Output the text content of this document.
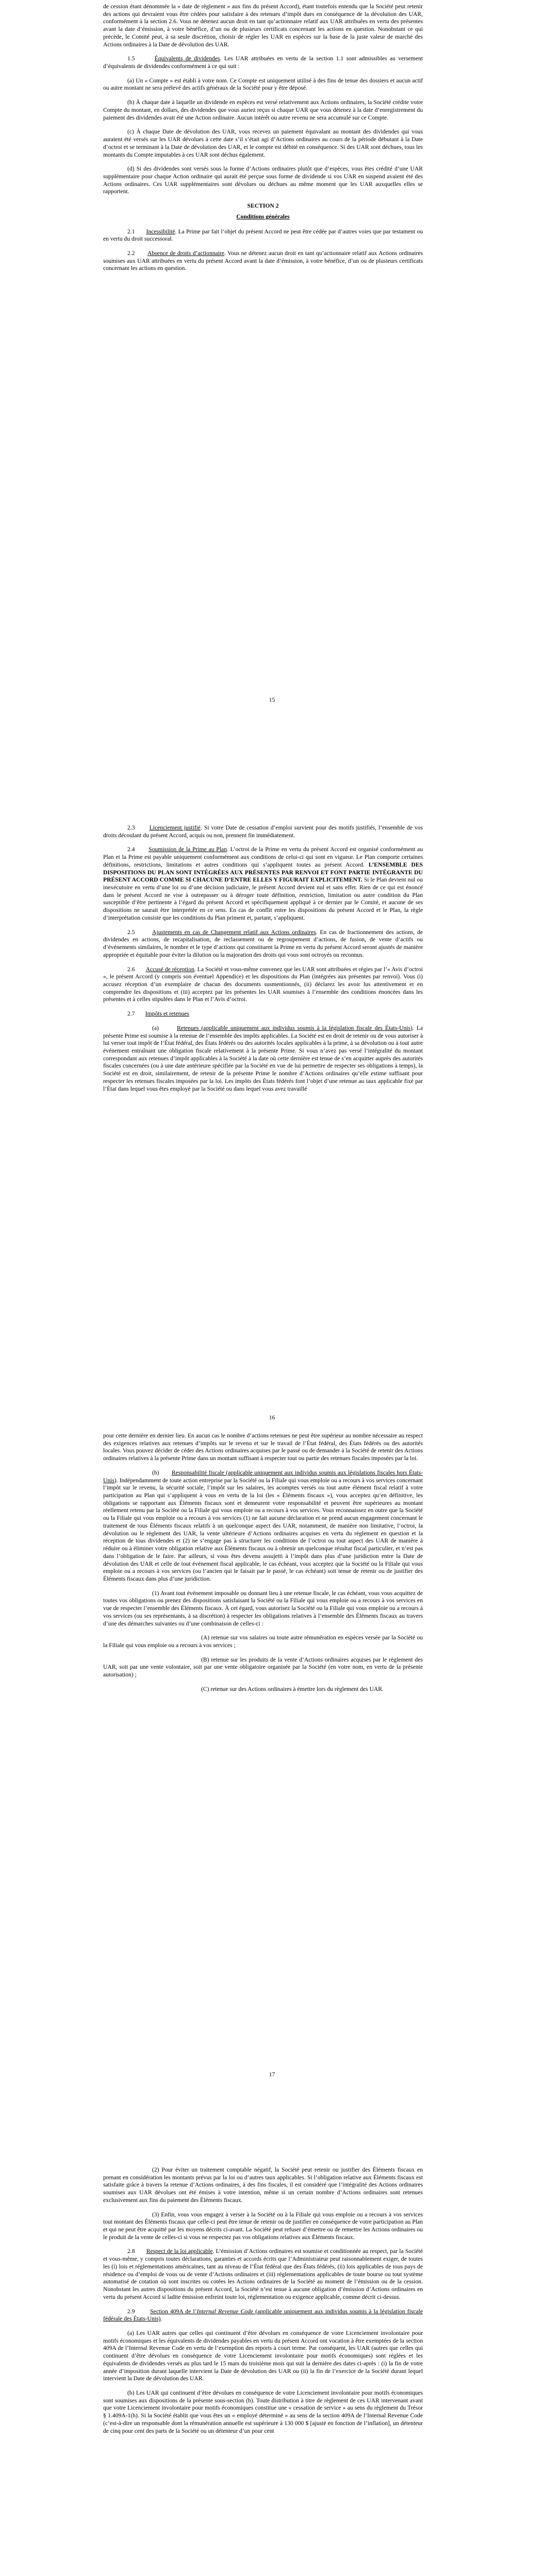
de cession étant dénommée la « date de règlement » aux fins du présent Accord), étant toutefois entendu que la Société peut retenir des actions qui devraient vous être cédées pour satisfaire à des retenues d’impôt dues en conséquence de la dévolution des UAR, conformément à la section 2.6. Vous ne détenez aucun droit en tant qu’actionnaire relatif aux UAR attribuées en vertu des présentes avant la date d’émission, à votre bénéfice, d’un ou de plusieurs certificats concernant les actions en question. Nonobstant ce qui précède, le Comité peut, à sa seule discrétion, choisir de régler les UAR en espèces sur la base de la juste valeur de marché des Actions ordinaires à la Date de dévolution des UAR.

1.5	Équivalents de dividendes. Les UAR attribuées en vertu de la section 1.1 sont admissibles au versement d’équivalents de dividendes conformément à ce qui suit :

(a) Un « Compte » est établi à votre nom. Ce Compte est uniquement utilisé à des fins de tenue des dossiers et aucun actif ou autre montant ne sera prélevé des actifs généraux de la Société pour y être déposé.

(b) À chaque date à laquelle un dividende en espèces est versé relativement aux Actions ordinaires, la Société crédite votre Compte du montant, en dollars, des dividendes que vous auriez reçus si chaque UAR que vous détenez à la date d’enregistrement du paiement des dividendes avait été une Action ordinaire. Aucun intérêt ou autre revenu ne sera accumulé sur ce Compte.

(c) À chaque Date de dévolution des UAR, vous recevez un paiement équivalant au montant des dividendes qui vous auraient été versés sur les UAR dévolues à cette date s’il s’était agi d’Actions ordinaires au cours de la période débutant à la Date d’octroi et se terminant à la Date de dévolution des UAR, et le compte est débité en conséquence. Si des UAR sont déchues, tous les montants du Compte imputables à ces UAR sont déchus également.

(d) Si des dividendes sont versés sous la forme d’Actions ordinaires plutôt que d’espèces, vous êtes crédité d’une UAR supplémentaire pour chaque Action ordinaire qui aurait été perçue sous forme de dividende si vos UAR en suspend avaient été des Actions ordinaires. Ces UAR supplémentaires sont dévolues ou déchues au même moment que les UAR auxquelles elles se rapportent.

SECTION 2
Conditions générales

2.1 Incessibilité. La Prime par fait l’objet du présent Accord ne peut être cédée par d’autres voies que par testament ou en vertu du droit successoral.

2.2 Absence de droits d’actionnaire. Vous ne détenez aucun droit en tant qu’actionnaire relatif aux Actions ordinaires soumises aux UAR attribuées en vertu du présent Accord avant la date d’émission, à votre bénéfice, d’un ou de plusieurs certificats concernant les actions en question.

15

2.3 Licenciement justifié. Si votre Date de cessation d’emploi survient pour des motifs justifiés, l’ensemble de vos droits découlant du présent Accord, acquis ou non, prennent fin immédiatement.

2.4 Soumission de la Prime au Plan. L’octroi de la Prime en vertu du présent Accord est organisé conformément au Plan et la Prime est payable uniquement conformément aux conditions de celui-ci qui sont en vigueur. Le Plan comporte certaines définitions, restrictions, limitations et autres conditions qui s’appliquent toutes au présent Accord. L’ENSEMBLE DES DISPOSITIONS DU PLAN SONT INTÉGRÉES AUX PRÉSENTES PAR RENVOI ET FONT PARTIE INTÉGRANTE DU PRÉSENT ACCORD COMME SI CHACUNE D’ENTRE ELLES Y FIGURAIT EXPLICITEMENT. Si le Plan devient nul ou inexécutoire en vertu d’une loi ou d’une décision judiciaire, le présent Accord devient nul et sans effet. Rien de ce qui est énoncé dans le présent Accord ne vise à outrepasser ou à déroger toute définition, restriction, limitation ou autre condition du Plan susceptible d’être pertinente à l’égard du présent Accord et spécifiquement appliqué à ce dernier par le Comité, et aucune de ses dispositions ne saurait être interprétée en ce sens. En cas de conflit entre les dispositions du présent Accord et le Plan, la règle d’interprétation consiste que les conditions du Plan priment et, partant, s’appliquent.

2.5	Ajustements en cas de Changement relatif aux Actions ordinaires. En cas de fractionnement des actions, de dividendes en actions, de recapitalisation, de reclassement ou de regroupement d’actions, de fusion, de vente d’actifs ou d’événements similaires, le nombre et le type d’actions qui constituent la Prime en vertu du présent Accord seront ajustés de manière appropriée et équitable pour éviter la dilution ou la majoration des droits qui vous sont octroyés ou reconnus.

2.6 Accusé de réception. La Société et vous-même convenez que les UAR sont attribuées et régies par l’« Avis d’octroi », le présent Accord (y compris son éventuel Appendice) et les dispositions du Plan (intégrées aux présentes par renvoi). Vous (i) accusez réception d’un exemplaire de chacun des documents susmentionnés, (ii) déclarez les avoir lus attentivement et en comprendre les dispositions et (iii) acceptez par les présentes les UAR soumises à l’ensemble des conditions énoncées dans les présentes et à celles stipulées dans le Plan et l’Avis d’octroi.

2.7 Impôts et retenues

(a)	Retenues (applicable uniquement aux individus soumis à la législation fiscale des États-Unis). La présente Prime est soumise à la retenue de l’ensemble des impôts applicables. La Société est en droit de retenir ou de vous autoriser à lui verser tout impôt de l’État fédéral, des États fédérés ou des autorités locales applicables à la prime, à sa dévolution ou à tout autre événement entraînant une obligation fiscale relativement à la présente Prime. Si vous n’avez pas versé l’intégralité du montant correspondant aux retenues d’impôt applicables à la Société à la date où cette dernière est tenue de s’en acquitter auprès des autorités fiscales concernées (ou à une date antérieure spécifiée par la Société en vue de lui permettre de respecter ses obligations à temps), la Société est en droit, similairement, de retenir de la présente Prime le nombre d’Actions ordinaires qu’elle estime suffisant pour respecter les retenues fiscales imposées par la loi. Les impôts des États fédérés font l’objet d’une retenue au taux applicable fixé par l’État dans lequel vous êtes employé par la Société ou dans lequel vous avez travaillé

16

pour cette dernière en dernier lieu. En aucun cas le nombre d’actions retenues ne peut être supérieur au nombre nécessaire au respect des exigences relatives aux retenues d’impôts sur le revenu et sur le travail de l’État fédéral, des États fédérés ou des autorités locales. Vous pouvez décider de céder des Actions ordinaires acquises par le passé ou de demander à la Société de retenir des Actions ordinaires relatives à la présente Prime dans un montant suffisant à respecter tout ou partie des retenues fiscales imposées par la loi.

(b) Responsabilité fiscale (applicable uniquement aux individus soumis aux législations fiscales hors États-Unis). Indépendamment de toute action entreprise par la Société ou la Filiale qui vous emploie ou a recours à vos services concernant l’impôt sur le revenu, la sécurité sociale, l’impôt sur les salaires, les acomptes versés ou tout autre élément fiscal relatif à votre participation au Plan qui s’appliquent à vous en vertu de la loi (les « Éléments fiscaux »), vous acceptez qu’en définitive, les obligations se rapportant aux Éléments fiscaux sont et demeurent votre responsabilité et peuvent être supérieures au montant réellement retenu par la Société ou la Filiale qui vous emploie ou a recours à vos services. Vous reconnaissez en outre que la Société ou la Filiale qui vous emploie ou a recours à vos services (1) ne fait aucune déclaration et ne prend aucun engagement concernant le traitement de tous Éléments fiscaux relatifs à un quelconque aspect des UAR, notamment, de manière non limitative, l’octroi, la dévolution ou le règlement des UAR, la vente ultérieure d’Actions ordinaires acquises en vertu du règlement en question et la réception de tous dividendes et (2) ne s’engage pas à structurer les conditions de l’octroi ou tout aspect des UAR de manière à réduire ou à éliminer votre obligation relative aux Éléments fiscaux ou à obtenir un quelconque résultat fiscal particulier, et n’est pas dans l’obligation de le faire. Par ailleurs, si vous êtes devenu assujetti à l’impôt dans plus d’une juridiction entre la Date de dévolution des UAR et celle de tout événement fiscal applicable, le cas échéant, vous acceptez que la Société ou la Filiale qui vous emploie ou a recours à vos services (ou l’ancien qui le faisait par le passé, le cas échéant) soit tenue de retenir ou de justifier des Éléments fiscaux dans plus d’une juridiction.

(1) Avant tout événement imposable ou donnant lieu à une retenue fiscale, le cas échéant, vous vous acquittez de toutes vos obligations ou prenez des dispositions satisfaisant la Société ou la Filiale qui vous emploie ou a recours à vos services en vue de respecter l’ensemble des Éléments fiscaux. À cet égard, vous autorisez la Société ou la Filiale qui vous emploie ou a recours à vos services (ou ses représentants, à sa discrétion) à respecter les obligations relatives à l’ensemble des Éléments fiscaux au travers d’une des démarches suivantes ou d’une combinaison de celles-ci :

(A) retenue sur vos salaires ou toute autre rémunération en espèces versée par la Société ou la Filiale qui vous emploie ou a recours à vos services ;

(B) retenue sur les produits de la vente d’Actions ordinaires acquises par le règlement des UAR, soit par une vente volontaire, soit par une vente obligatoire organisée par la Société (en votre nom, en vertu de la présente autorisation) ;

(C) retenue sur des Actions ordinaires à émettre lors du règlement des UAR.

17

(2) Pour éviter un traitement comptable négatif, la Société peut retenir ou justifier des Éléments fiscaux en prenant en considération les montants prévus par la loi ou d’autres taux applicables. Si l’obligation relative aux Éléments fiscaux est satisfaite grâce à travers la retenue d’Actions ordinaires, à des fins fiscales, il est considéré que l’intégralité des Actions ordinaires soumises aux UAR dévolues ont été émises à votre intention, même si un certain nombre d’Actions ordinaires sont retenues exclusivement aux fins du paiement des Éléments fiscaux.

(3) Enfin, vous vous engagez à verser à la Société ou à la Filiale qui vous emploie ou a recours à vos services tout montant des Éléments fiscaux que celle-ci peut être tenue de retenir ou de justifier en conséquence de votre participation au Plan et qui ne peut être acquitté par les moyens décrits ci-avant. La Société peut refuser d’émettre ou de remettre les Actions ordinaires ou le produit de la vente de celles-ci si vous ne respectez pas vos obligations relatives aux Éléments fiscaux.

2.8 Respect de la loi applicable. L’émission d’Actions ordinaires est soumise et conditionnée au respect, par la Société et vous-même, y compris toutes déclarations, garanties et accords écrits que l’Administrateur peut raisonnablement exiger, de toutes les (i) lois et réglementations américaines, tant au niveau de l’État fédéral que des États fédérés, (ii) lois applicables de tous pays de résidence ou d’emploi de vous ou de vente d’Actions ordinaires et (iii) réglementations applicables de toute bourse ou tout système automatisé de cotation où sont inscrites ou cotées les Actions ordinaires de la Société au moment de l’émission ou de la cession. Nonobstant les autres dispositions du présent Accord, la Société n’est tenue à aucune obligation d’émission d’Actions ordinaires en vertu du présent Accord si ladite émission enfreint toute loi, réglementation ou exigence applicable, comme décrit ci-dessus.

2.9	Section 409A de l’Internal Revenue Code (applicable uniquement aux individus soumis à la législation fiscale fédérale des États-Unis).

(a) Les UAR autres que celles qui continuent d’être dévolues en conséquence de votre Licenciement involontaire pour motifs économiques et les équivalents de dividendes payables en vertu du présent Accord ont vocation à être exemptées de la section 409A de l’Internal Revenue Code en vertu de l’exemption des reports à court terme. Par conséquent, les UAR (autres que celles qui continuent d’être dévolues en conséquence de votre Licenciement involontaire pour motifs économiques) sont réglées et les équivalents de dividendes versés au plus tard le 15 mars du troisième mois qui suit la dernière des dates ci-après : (i) la fin de votre année d’imposition durant laquelle intervient la Date de dévolution des UAR ou (ii) la fin de l’exercice de la Société durant lequel intervient la Date de dévolution des UAR.

(b) Les UAR qui continuent d’être dévolues en conséquence de votre Licenciement involontaire pour motifs économiques sont soumises aux dispositions de la présente sous-section (b). Toute distribution à titre de règlement de ces UAR intervenant avant que votre Licenciement involontaire pour motifs économiques constitue une « cessation de service » au sens du règlement du Trésor § 1.409A-1(h). Si la Société établit que vous êtes un « employé déterminé » au sens de la section 409A de l’Internal Revenue Code (c’est-à-dire un responsable dont la rémunération annuelle est supérieure à 130 000 $ [ajusté en fonction de l’inflation], un détenteur de cinq pour cent des parts de la Société ou un détenteur d’un pour cent
